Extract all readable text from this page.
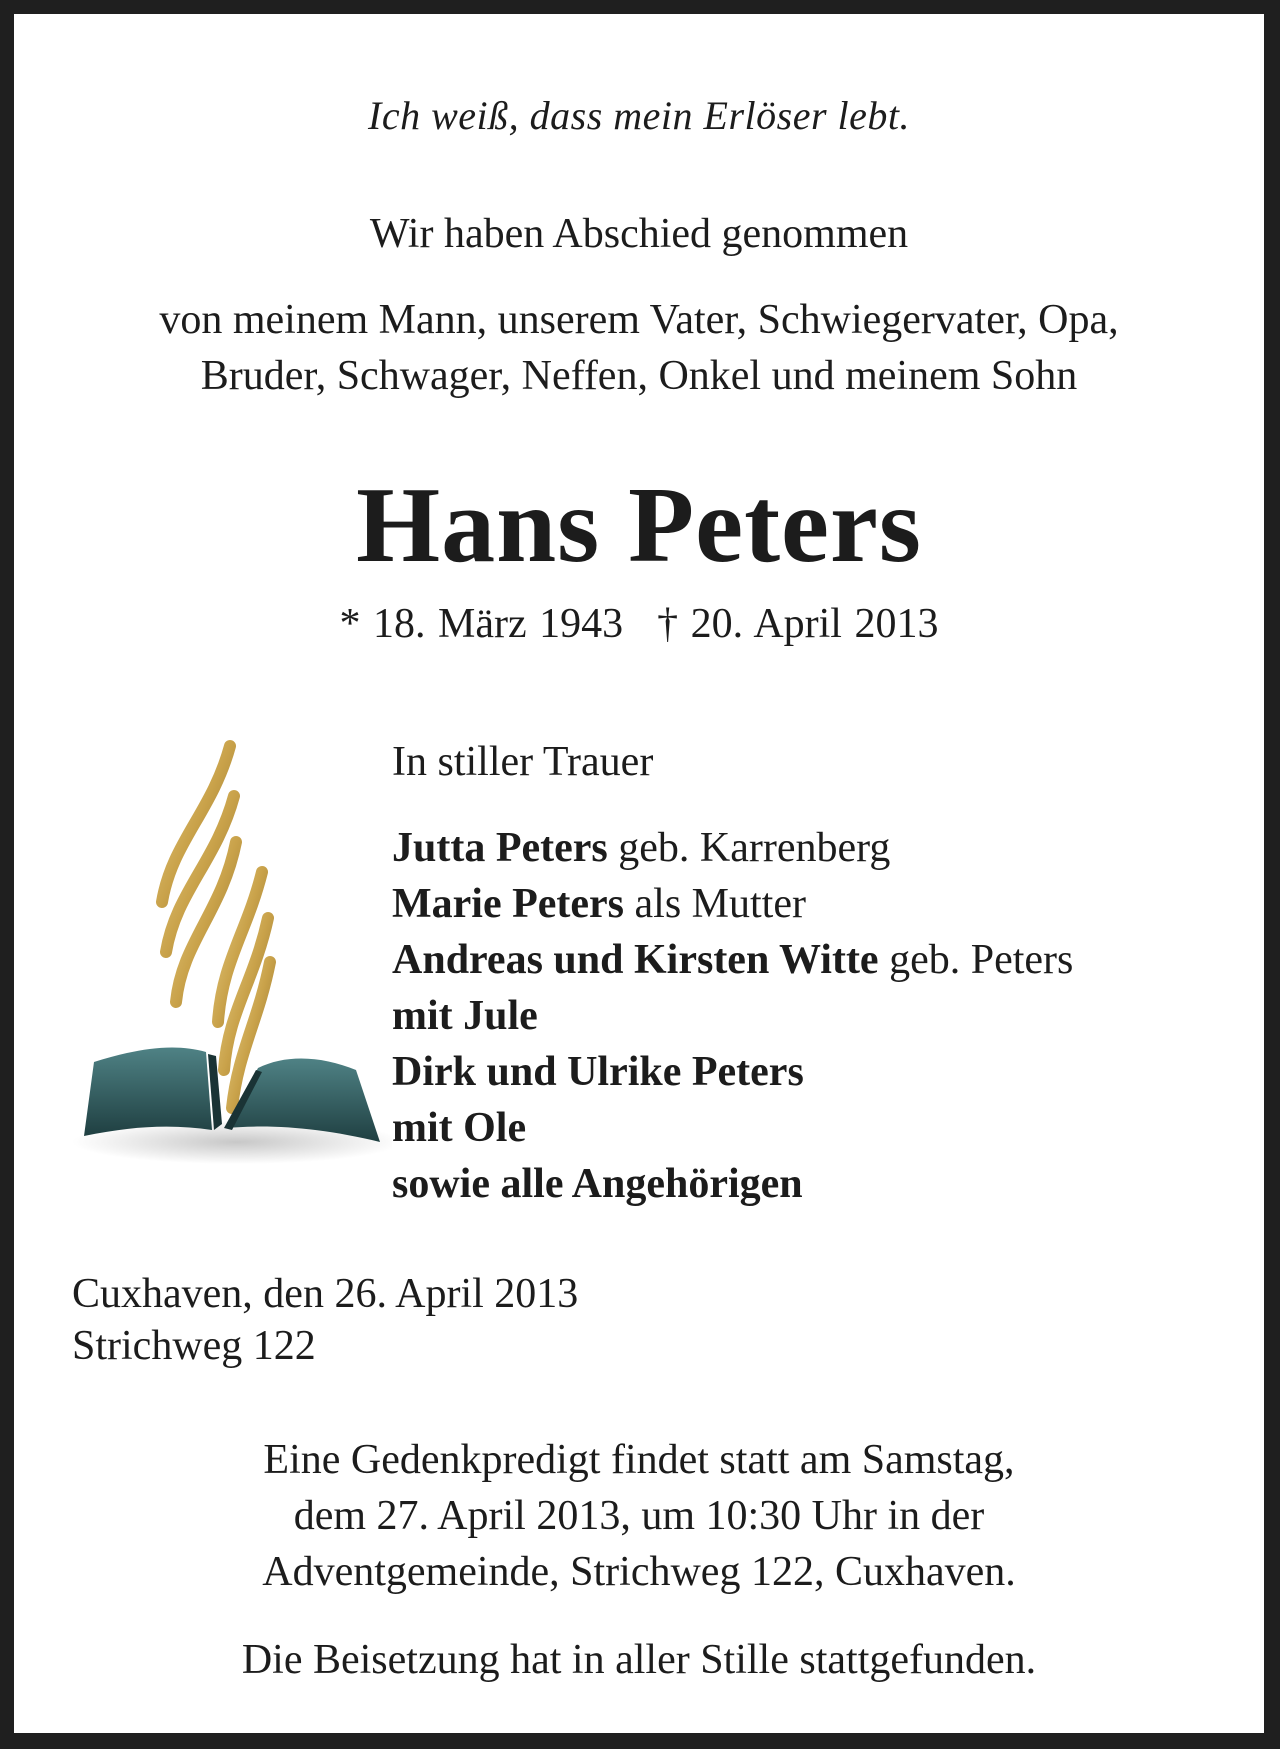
Ich weiß, dass mein Erlöser lebt.
Wir haben Abschied genommen
von meinem Mann, unserem Vater, Schwiegervater, Opa,
Bruder, Schwager, Neffen, Onkel und meinem Sohn
Hans Peters
* 18. März 1943 † 20. April 2013
In stiller Trauer
Jutta Peters geb. Karrenberg
Marie Peters als Mutter
Andreas und Kirsten Witte geb. Peters
mit Jule
Dirk und Ulrike Peters
mit Ole
sowie alle Angehörigen
Cuxhaven, den 26. April 2013
Strichweg 122
Eine Gedenkpredigt findet statt am Samstag,
dem 27. April 2013, um 10:30 Uhr in der
Adventgemeinde, Strichweg 122, Cuxhaven.
Die Beisetzung hat in aller Stille stattgefunden.
